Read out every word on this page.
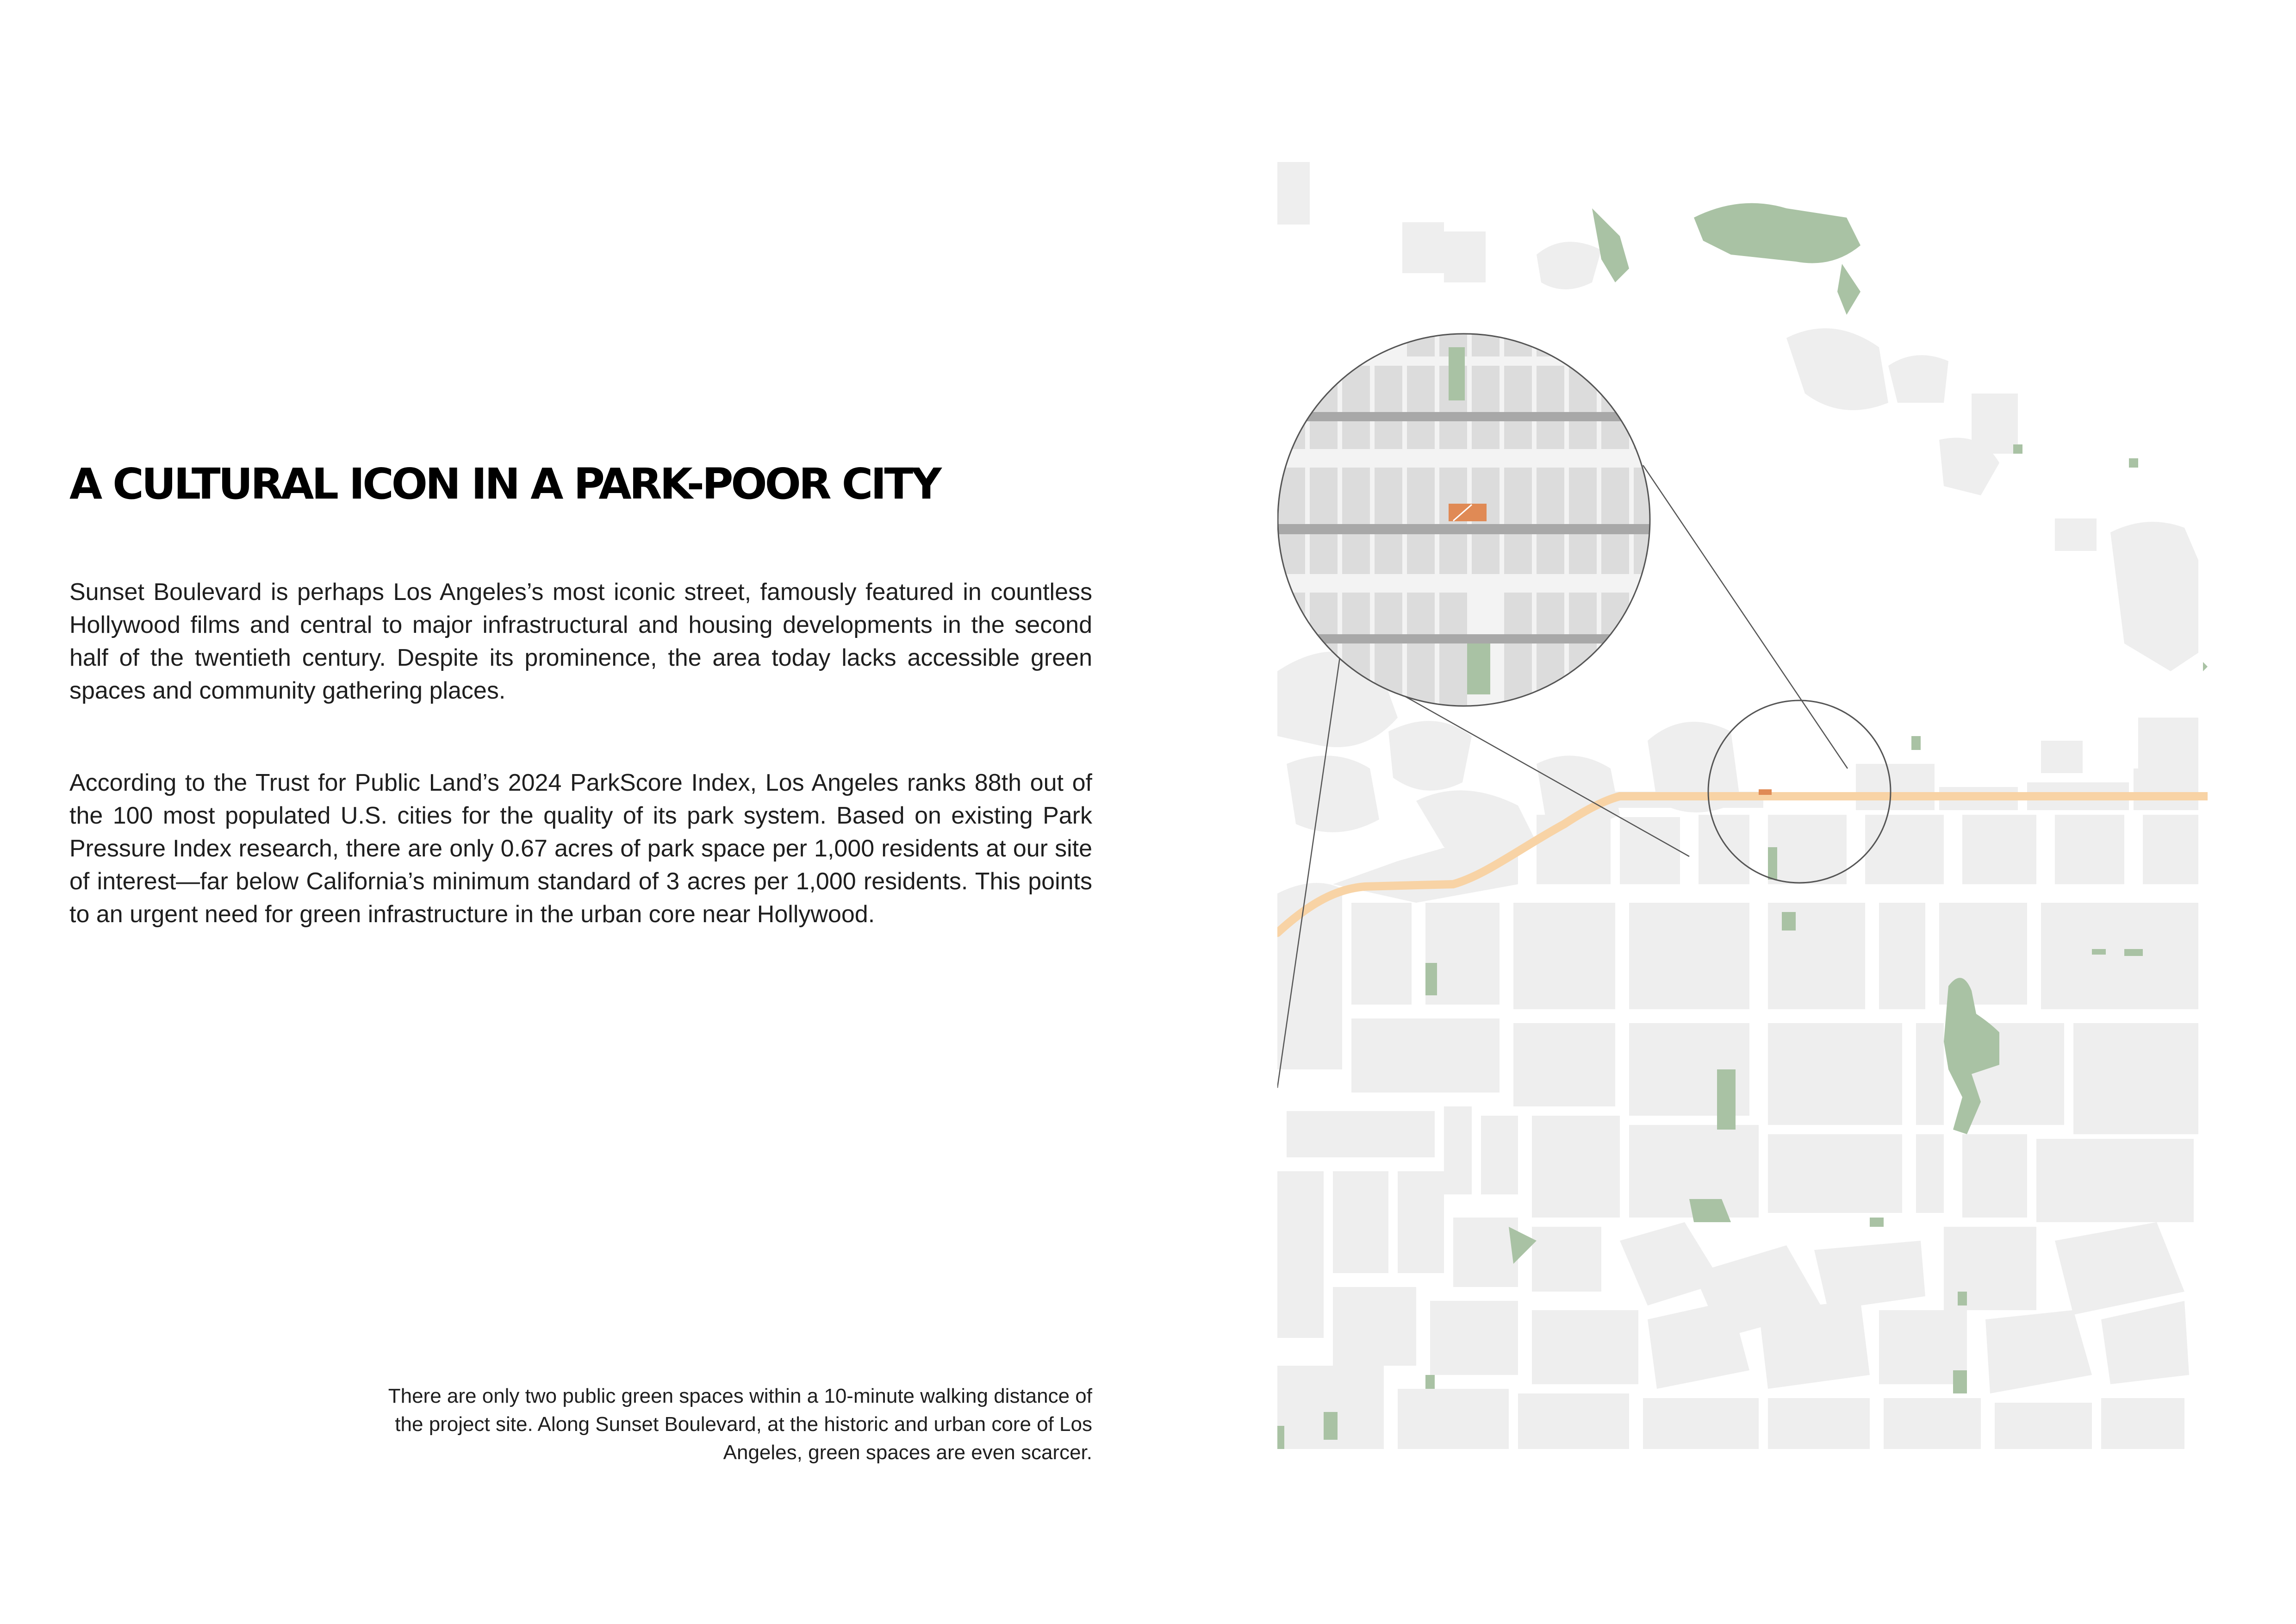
A CULTURAL ICON IN A PARK-POOR CITY

Sunset Boulevard is perhaps Los Angeles’s most iconic street, famously featured in countless Hollywood films and central to major infrastructural and housing developments in the second half of the twentieth century. Despite its prominence, the area today lacks accessible green spaces and community gathering places.

According to the Trust for Public Land’s 2024 ParkScore Index, Los Angeles ranks 88th out of the 100 most populated U.S. cities for the quality of its park system. Based on existing Park Pressure Index research, there are only 0.67 acres of park space per 1,000 residents at our site of interest—far below California’s minimum standard of 3 acres per 1,000 residents. This points to an urgent need for green infrastructure in the urban core near Hollywood.

There are only two public green spaces within a 10-minute walking distance of the project site. Along Sunset Boulevard, at the historic and urban core of Los Angeles, green spaces are even scarcer.
